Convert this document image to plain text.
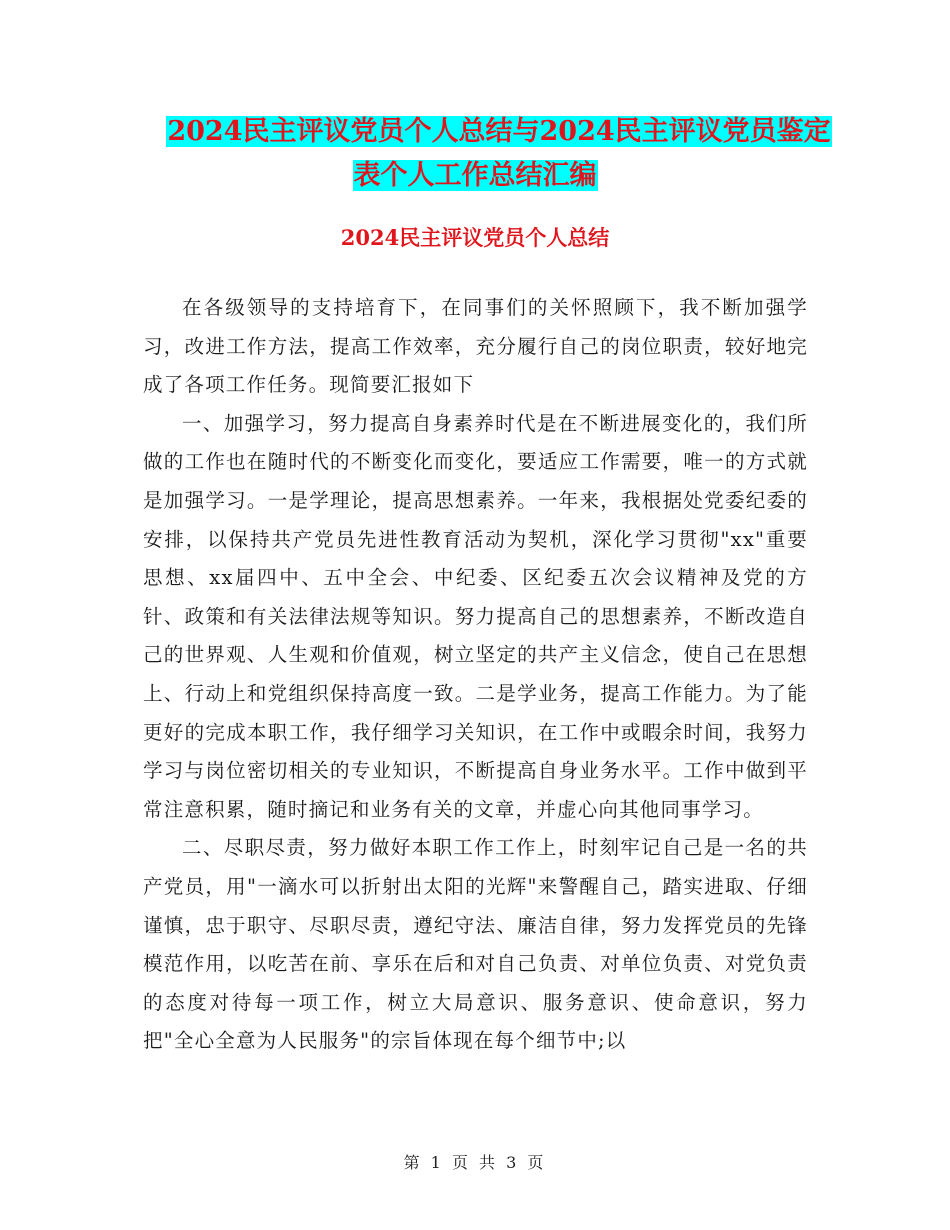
2024民主评议党员个人总结与2024民主评议党员鉴定
表个人工作总结汇编
2024民主评议党员个人总结

在各级领导的支持培育下，在同事们的关怀照顾下，我不断加强学习，改进工作方法，提高工作效率，充分履行自己的岗位职责，较好地完成了各项工作任务。现简要汇报如下

一、加强学习，努力提高自身素养时代是在不断进展变化的，我们所做的工作也在随时代的不断变化而变化，要适应工作需要，唯一的方式就是加强学习。一是学理论，提高思想素养。一年来，我根据处党委纪委的安排，以保持共产党员先进性教育活动为契机，深化学习贯彻"xx"重要思想、xx届四中、五中全会、中纪委、区纪委五次会议精神及党的方针、政策和有关法律法规等知识。努力提高自己的思想素养，不断改造自己的世界观、人生观和价值观，树立坚定的共产主义信念，使自己在思想上、行动上和党组织保持高度一致。二是学业务，提高工作能力。为了能更好的完成本职工作，我仔细学习关知识，在工作中或暇余时间，我努力学习与岗位密切相关的专业知识，不断提高自身业务水平。工作中做到平常注意积累，随时摘记和业务有关的文章，并虚心向其他同事学习。

二、尽职尽责，努力做好本职工作工作上，时刻牢记自己是一名的共产党员，用"一滴水可以折射出太阳的光辉"来警醒自己，踏实进取、仔细谨慎，忠于职守、尽职尽责，遵纪守法、廉洁自律，努力发挥党员的先锋模范作用，以吃苦在前、享乐在后和对自己负责、对单位负责、对党负责的态度对待每一项工作，树立大局意识、服务意识、使命意识，努力把"全心全意为人民服务"的宗旨体现在每个细节中;以

第 1 页 共 3 页
